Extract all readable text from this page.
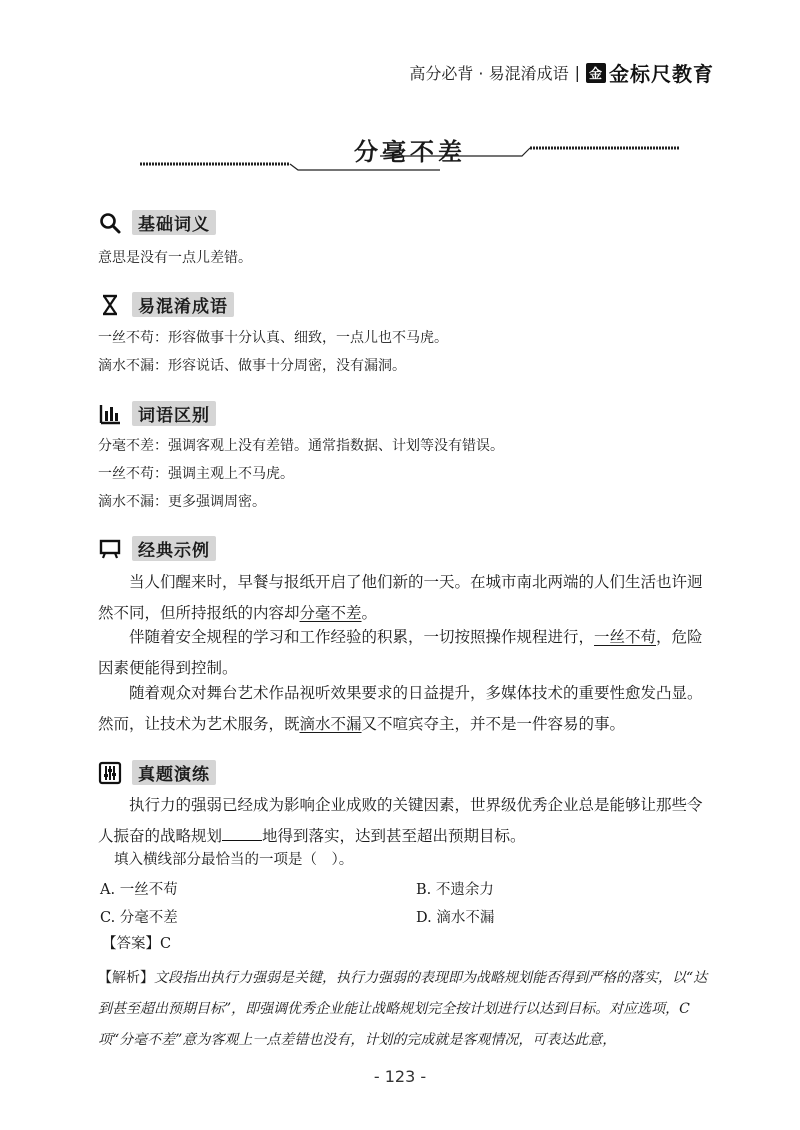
高分必背 · 易混淆成语 | 金 金标尺教育
分毫不差
基础词义
意思是没有一点儿差错。
易混淆成语
一丝不苟：形容做事十分认真、细致，一点儿也不马虎。
滴水不漏：形容说话、做事十分周密，没有漏洞。
词语区别
分毫不差：强调客观上没有差错。通常指数据、计划等没有错误。
一丝不苟：强调主观上不马虎。
滴水不漏：更多强调周密。
经典示例
当人们醒来时，早餐与报纸开启了他们新的一天。在城市南北两端的人们生活也许迥然不同，但所持报纸的内容却分毫不差。
伴随着安全规程的学习和工作经验的积累，一切按照操作规程进行，一丝不苟，危险因素便能得到控制。
随着观众对舞台艺术作品视听效果要求的日益提升，多媒体技术的重要性愈发凸显。然而，让技术为艺术服务，既滴水不漏又不喧宾夺主，并不是一件容易的事。
真题演练
执行力的强弱已经成为影响企业成败的关键因素，世界级优秀企业总是能够让那些令人振奋的战略规划	地得到落实，达到甚至超出预期目标。
填入横线部分最恰当的一项是（　）。
A. 一丝不苟	B. 不遗余力
C. 分毫不差	D. 滴水不漏
【答案】C
【解析】文段指出执行力强弱是关键，执行力强弱的表现即为战略规划能否得到严格的落实，以“达到甚至超出预期目标”，即强调优秀企业能让战略规划完全按计划进行以达到目标。对应选项，C项“分毫不差”意为客观上一点差错也没有，计划的完成就是客观情况，可表达此意，
- 123 -
